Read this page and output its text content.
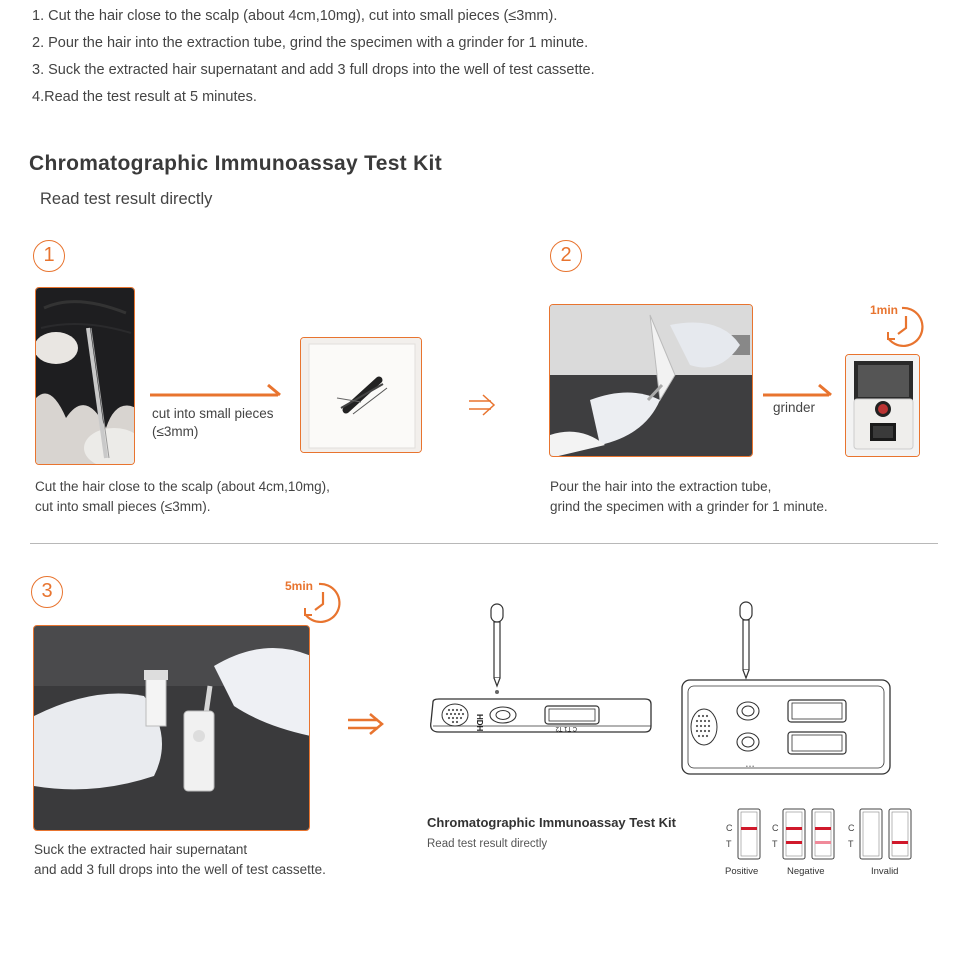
1. Cut the hair close to the scalp (about 4cm,10mg), cut into small pieces (≤3mm).
2. Pour the hair into the extraction tube, grind the specimen with a grinder for 1 minute.
3. Suck the extracted hair supernatant and add 3 full drops into the well of test cassette.
4.Read the test result at 5 minutes.
Chromatographic Immunoassay Test Kit
Read test result directly
1
cut into small pieces
(≤3mm)
Cut the hair close to the scalp (about 4cm,10mg),
cut into small pieces (≤3mm).
2
grinder
1min
Pour the hair into the extraction tube,
grind the specimen with a grinder for 1 minute.
3	5min
Suck the extracted hair supernatant
and add 3 full drops into the well of test cassette.
HDH	C T1 T2
• • •
Chromatographic Immunoassay Test Kit
Read test result directly
C
T
Positive
C
T
Negative
C
T
Invalid
